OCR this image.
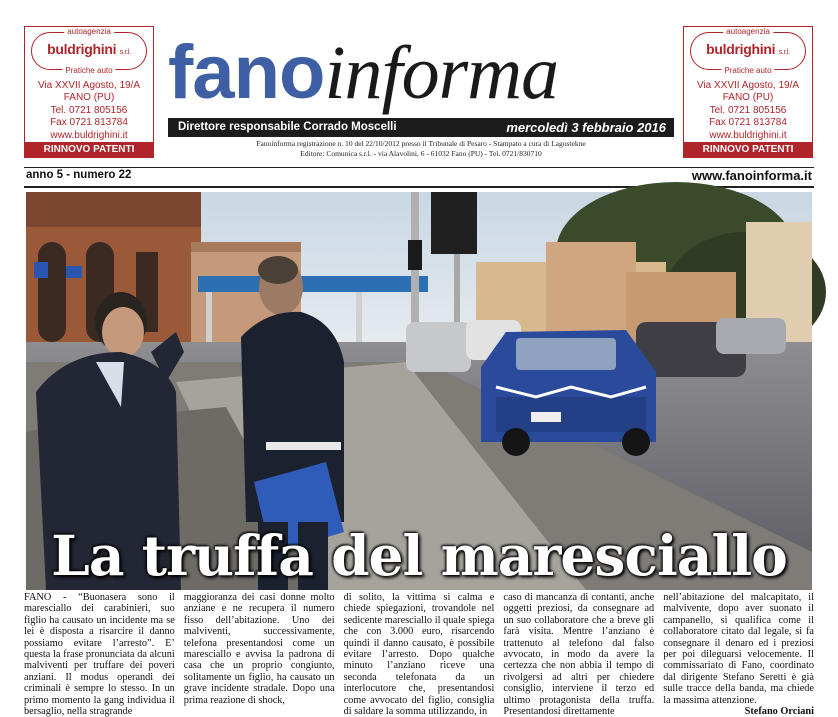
autoagenzia
buldrighini s.r.l.
Pratiche auto
Via XXVII Agosto, 19/A
FANO (PU)
Tel. 0721 805156
Fax 0721 813784
www.buldrighini.it
RINNOVO PATENTI
autoagenzia
buldrighini s.r.l.
Pratiche auto
Via XXVII Agosto, 19/A
FANO (PU)
Tel. 0721 805156
Fax 0721 813784
www.buldrighini.it
RINNOVO PATENTI
fanoinforma
Direttore responsabile Corrado Moscelli	mercoledì 3 febbraio 2016
Fanoinforma registrazione n. 10 del 22/10/2012 presso il Tribunale di Pesaro - Stampato a cura di Lagostekne
Editore: Comunica s.r.l. - via Alavolini, 6 - 61032 Fano (PU) - Tel. 0721/830710
anno 5 - numero 22	www.fanoinforma.it
La truffa del maresciallo

FANO - “Buonasera sono il maresciallo dei carabinieri, suo figlio ha causato un incidente ma se lei è disposta a risarcire il danno possiamo evitare l’arresto”. E’ questa la frase pronunciata da alcuni malviventi per truffare dei poveri anziani. Il modus operandi dei criminali è sempre lo stesso. In un primo momento la gang individua il bersaglio, nella stragrande

maggioranza dei casi donne molto anziane e ne recupera il numero fisso dell’abitazione. Uno dei malviventi, successivamente, telefona presentandosi come un maresciallo e avvisa la padrona di casa che un proprio congiunto, solitamente un figlio, ha causato un grave incidente stradale. Dopo una prima reazione di shock,

di solito, la vittima si calma e chiede spiegazioni, trovandole nel sedicente maresciallo il quale spiega che con 3.000 euro, risarcendo quindi il danno causato, è possibile evitare l’arresto. Dopo qualche minuto l’anziano riceve una seconda telefonata da un interlocutore che, presentandosi come avvocato del figlio, consiglia di saldare la somma utilizzando, in

caso di mancanza di contanti, anche oggetti preziosi, da consegnare ad un suo collaboratore che a breve gli farà visita. Mentre l’anziano è trattenuto al telefono dal falso avvocato, in modo da avere la certezza che non abbia il tempo di rivolgersi ad altri per chiedere consiglio, interviene il terzo ed ultimo protagonista della truffa. Presentandosi direttamente

nell’abitazione del malcapitato, il malvivente, dopo aver suonato il campanello, si qualifica come il collaboratore citato dal legale, si fa consegnare il denaro ed i preziosi per poi dileguarsi velocemente. Il commissariato di Fano, coordinato dal dirigente Stefano Seretti è già sulle tracce della banda, ma chiede la massima attenzione.

Stefano Orciani
